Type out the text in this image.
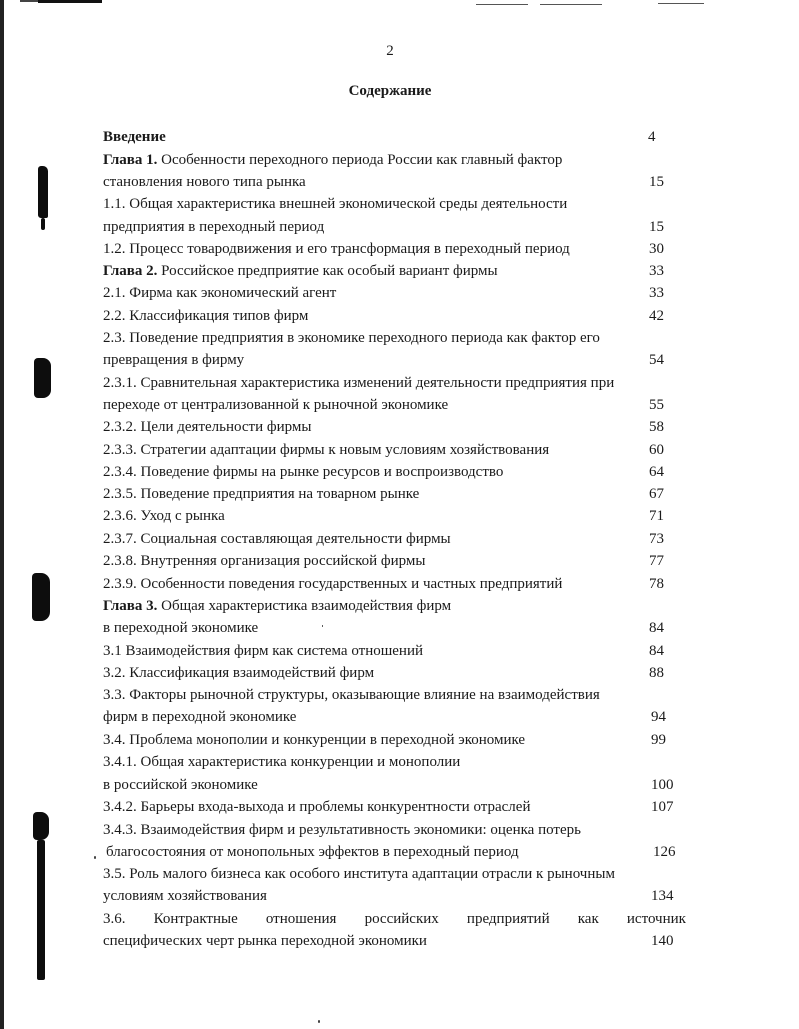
2
Содержание
Введение	4
Глава 1. Особенности переходного периода России как главный фактор
становления нового типа рынка	15
1.1. Общая характеристика внешней экономической среды деятельности
предприятия в переходный период	15
1.2. Процесс товародвижения и его трансформация в переходный период	30
Глава 2. Российское предприятие как особый вариант фирмы	33
2.1. Фирма как экономический агент	33
2.2. Классификация типов фирм	42
2.3. Поведение предприятия в экономике переходного периода как фактор его
превращения в фирму	54
2.3.1. Сравнительная характеристика изменений деятельности предприятия при
переходе от централизованной к рыночной экономике	55
2.3.2. Цели деятельности фирмы	58
2.3.3. Стратегии адаптации фирмы к новым условиям хозяйствования	60
2.3.4. Поведение фирмы на рынке ресурсов и воспроизводство	64
2.3.5. Поведение предприятия на товарном рынке	67
2.3.6. Уход с рынка	71
2.3.7. Социальная составляющая деятельности фирмы	73
2.3.8. Внутренняя организация российской фирмы	77
2.3.9. Особенности поведения государственных и частных предприятий	78
Глава 3. Общая характеристика взаимодействия фирм
в переходной экономике	84
3.1 Взаимодействия фирм как система отношений	84
3.2. Классификация взаимодействий фирм	88
3.3. Факторы рыночной структуры, оказывающие влияние на взаимодействия
фирм в переходной экономике	94
3.4. Проблема монополии и конкуренции в переходной экономике	99
3.4.1. Общая характеристика конкуренции и монополии
в российской экономике	100
3.4.2. Барьеры входа-выхода и проблемы конкурентности отраслей	107
3.4.3. Взаимодействия фирм и результативность экономики: оценка потерь
благосостояния от монопольных эффектов в переходный период	126
3.5. Роль малого бизнеса как особого института адаптации отрасли к рыночным
условиям хозяйствования	134
3.6. Контрактные отношения российских предприятий как источник
специфических черт рынка переходной экономики	140
